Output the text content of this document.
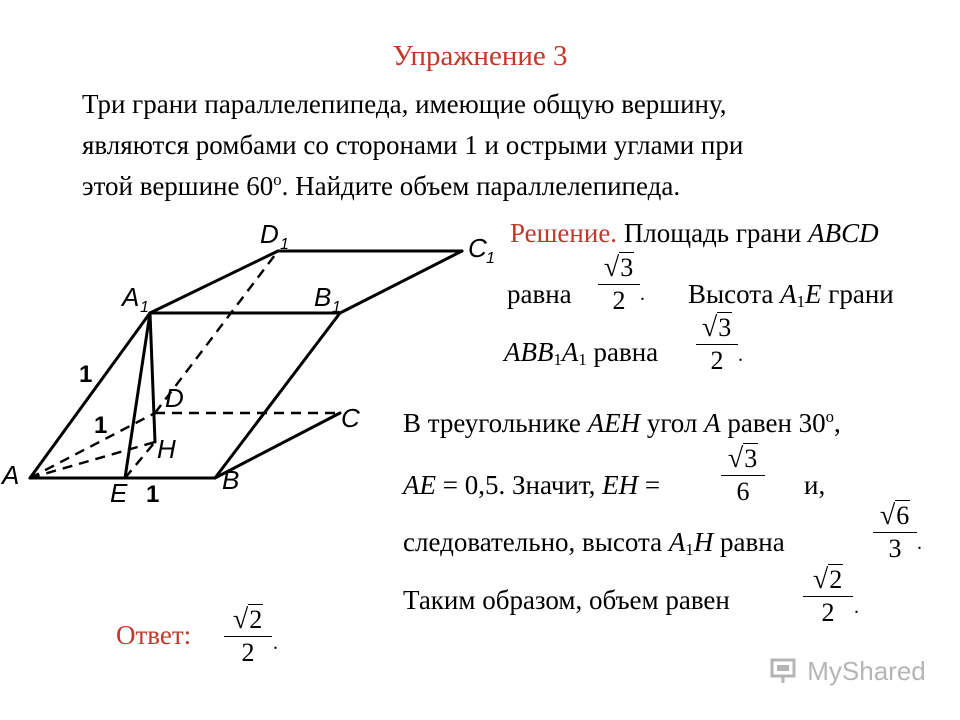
Упражнение 3
Три грани параллелепипеда, имеющие общую вершину,
являются ромбами со сторонами 1 и острыми углами при
этой вершине $60^о$. Найдите объем параллелепипеда.
A	B
C
D
E
H
A 1	B 1
C 1
D 1
1
1
1
Решение. Площадь грани ABCD
равна
√3
2 . Высота $A_1E$ грани
$ABB_1A_1$ равна
√3
2 .
В треугольнике AEH угол A равен $30^о$,
AE = 0,5. Значит, EH =
√3
6	и,
следовательно, высота $A_1H$ равна
√6
3 .
Таким образом, объем равен
√2
2 .
Ответ:	√2
2 .
MyShared
